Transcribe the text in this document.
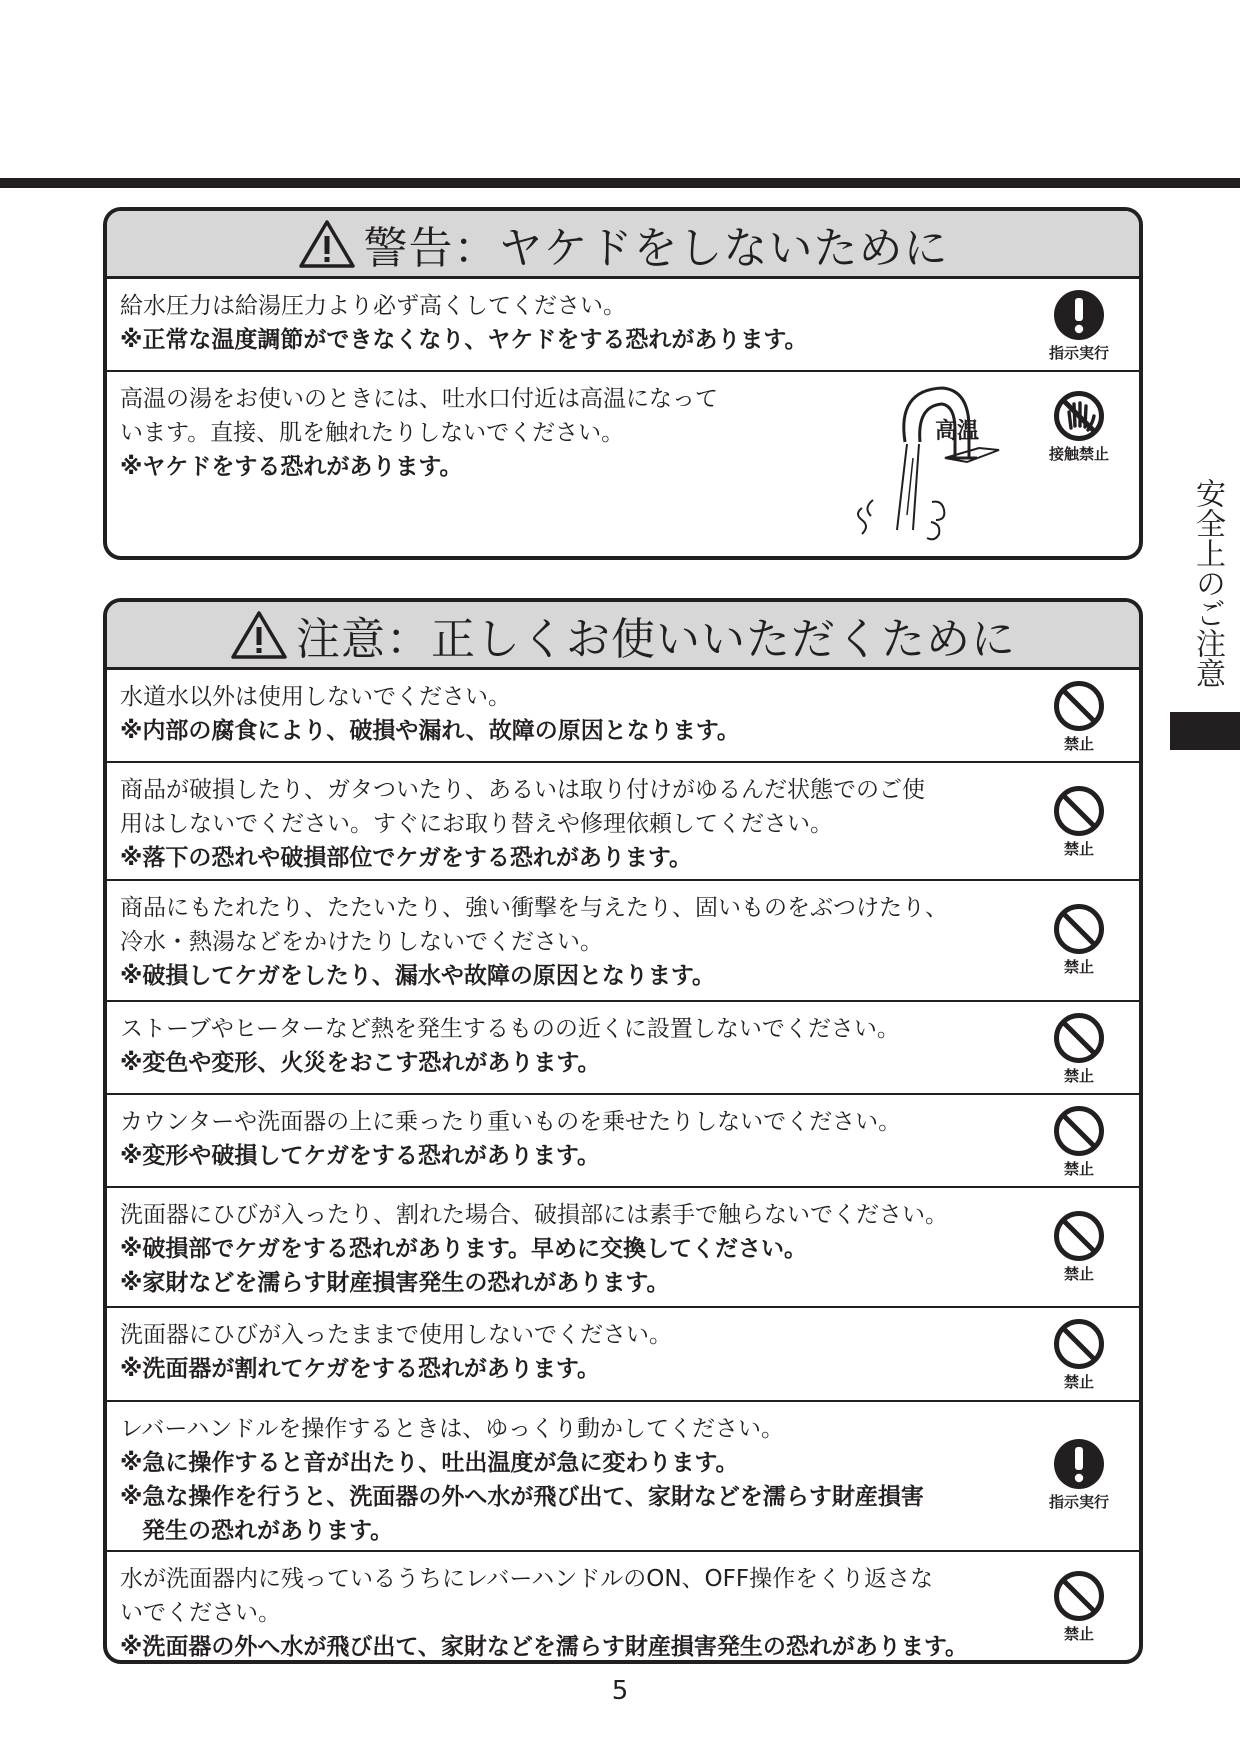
警告：ヤケドをしないために
給水圧力は給湯圧力より必ず高くしてください。
※正常な温度調節ができなくなり、ヤケドをする恐れがあります。	指示実行
高温の湯をお使いのときには、吐水口付近は高温になって
います。直接、肌を触れたりしないでください。
※ヤケドをする恐れがあります。
高温
接触禁止
注意：正しくお使いいただくために
水道水以外は使用しないでください。
※内部の腐食により、破損や漏れ、故障の原因となります。	禁止
商品が破損したり、ガタついたり、あるいは取り付けがゆるんだ状態でのご使
用はしないでください。すぐにお取り替えや修理依頼してください。
※落下の恐れや破損部位でケガをする恐れがあります。	禁止
商品にもたれたり、たたいたり、強い衝撃を与えたり、固いものをぶつけたり、
冷水・熱湯などをかけたりしないでください。
※破損してケガをしたり、漏水や故障の原因となります。	禁止
ストーブやヒーターなど熱を発生するものの近くに設置しないでください。
※変色や変形、火災をおこす恐れがあります。	禁止
カウンターや洗面器の上に乗ったり重いものを乗せたりしないでください。
※変形や破損してケガをする恐れがあります。	禁止
洗面器にひびが入ったり、割れた場合、破損部には素手で触らないでください。
※破損部でケガをする恐れがあります。早めに交換してください。
※家財などを濡らす財産損害発生の恐れがあります。	禁止
洗面器にひびが入ったままで使用しないでください。
※洗面器が割れてケガをする恐れがあります。	禁止
レバーハンドルを操作するときは、ゆっくり動かしてください。
※急に操作すると音が出たり、吐出温度が急に変わります。
※急な操作を行うと、洗面器の外へ水が飛び出て、家財などを濡らす財産損害
発生の恐れがあります。
指示実行
水が洗面器内に残っているうちにレバーハンドルのON、OFF操作をくり返さな
いでください。
※洗面器の外へ水が飛び出て、家財などを濡らす財産損害発生の恐れがあります。	禁止
安全上のご注意
5
